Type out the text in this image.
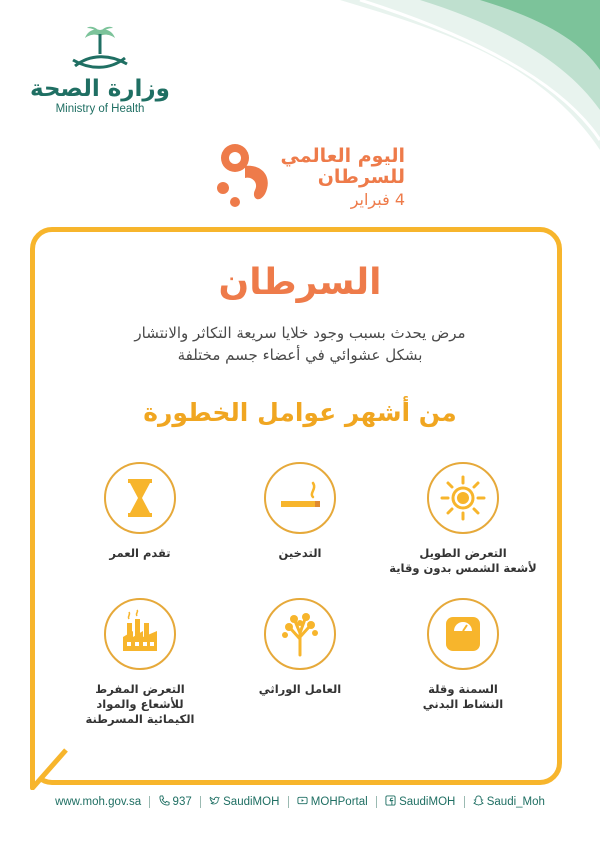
وزارة الصحة
Ministry of Health
اليوم العالمي
للسرطان
4 فبراير
السرطان
مرض يحدث بسبب وجود خلايا سريعة التكاثر والانتشار
بشكل عشوائي في أعضاء جسم مختلفة
من أشهر عوامل الخطورة
التعرض الطويل
لأشعة الشمس بدون وقاية
التدخين
تقدم العمر
السمنة وقلة
النشاط البدني
العامل الوراثي
التعرض المفرط
للأشعاع والمواد
الكيمائية المسرطنة
www.moh.gov.sa	937	SaudiMOH	MOHPortal	SaudiMOH	Saudi_Moh
